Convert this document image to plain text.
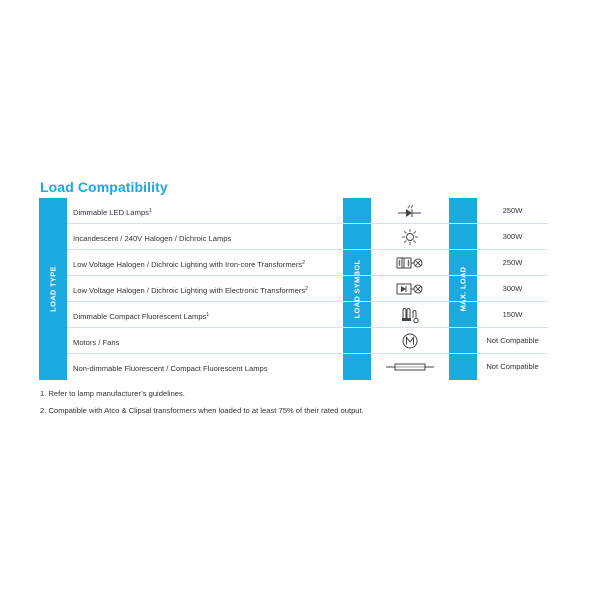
Load Compatibility
LOAD TYPE	LOAD SYMBOL	MAX. LOAD
Dimmable LED Lamps$^1$	250W
Incandescent / 240V Halogen / Dichroic Lamps	300W
Low Voltage Halogen / Dichroic Lighting with Iron-core Transformers$^2$	250W
Low Voltage Halogen / Dichroic Lighting with Electronic Transformers$^2$	300W
Dimmable Compact Fluorescent Lamps$^1$	150W
Motors / Fans	Not Compatible
Non-dimmable Fluorescent / Compact Fluorescent Lamps	Not Compatible
1. Refer to lamp manufacturer’s guidelines.
2. Compatible with Atco & Clipsal transformers when loaded to at least 75% of their rated output.
